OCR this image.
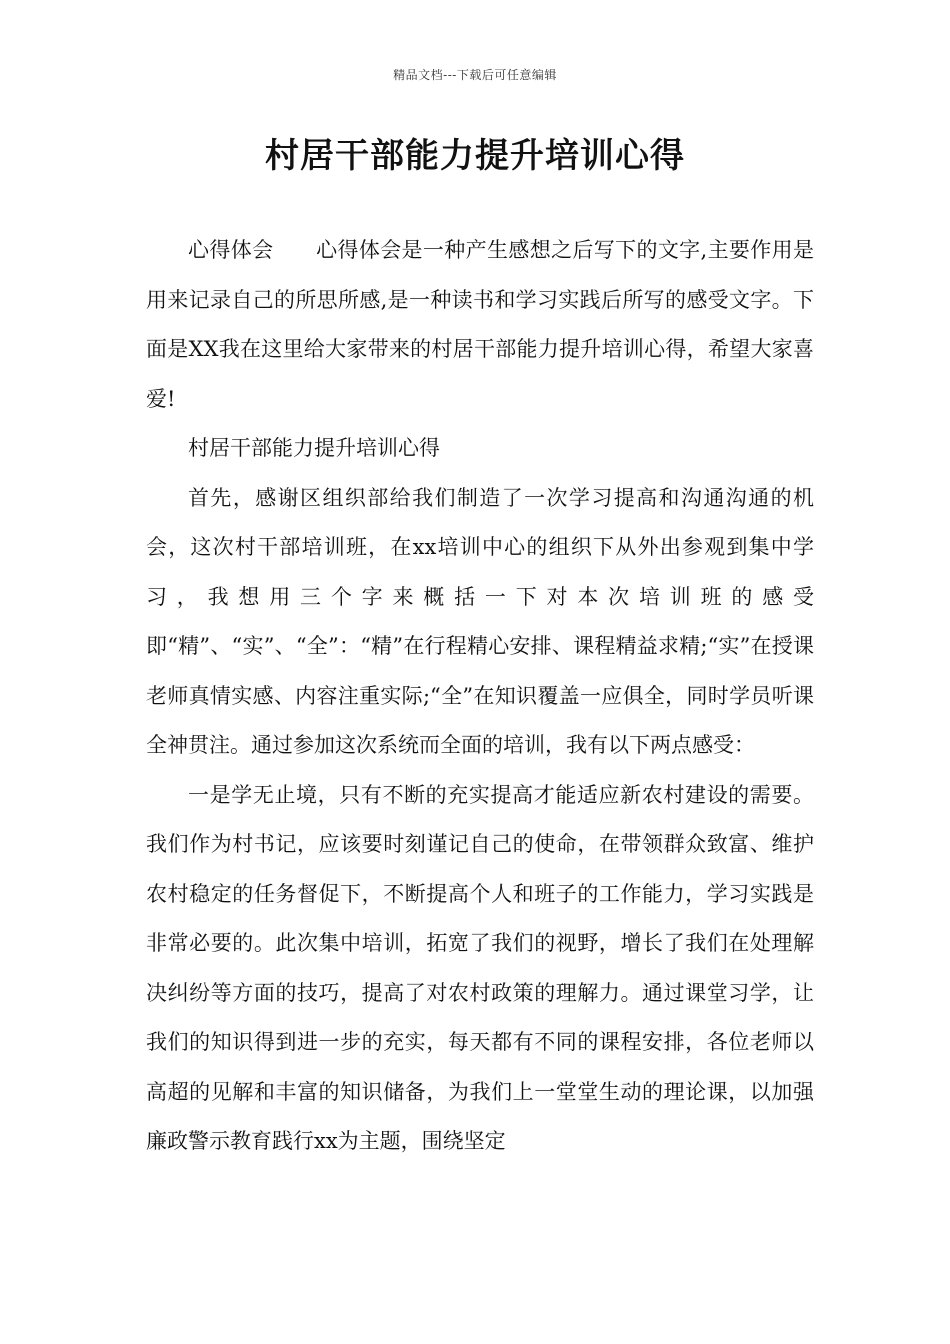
精品文档---下载后可任意编辑
村居干部能力提升培训心得

心得体会　　心得体会是一种产生感想之后写下的文字,主要作用是用来记录自己的所思所感,是一种读书和学习实践后所写的感受文字。下面是XX我在这里给大家带来的村居干部能力提升培训心得，希望大家喜爱!

村居干部能力提升培训心得

首先，感谢区组织部给我们制造了一次学习提高和沟通沟通的机会，这次村干部培训班，在xx培训中心的组织下从外出参观到集中学习，我想用三个字来概括一下对本次培训班的感受即“精”、“实”、“全”：“精”在行程精心安排、课程精益求精;“实”在授课老师真情实感、内容注重实际;“全”在知识覆盖一应俱全，同时学员听课全神贯注。通过参加这次系统而全面的培训，我有以下两点感受：

一是学无止境，只有不断的充实提高才能适应新农村建设的需要。我们作为村书记，应该要时刻谨记自己的使命，在带领群众致富、维护农村稳定的任务督促下，不断提高个人和班子的工作能力，学习实践是非常必要的。此次集中培训，拓宽了我们的视野，增长了我们在处理解决纠纷等方面的技巧，提高了对农村政策的理解力。通过课堂习学，让我们的知识得到进一步的充实，每天都有不同的课程安排，各位老师以高超的见解和丰富的知识储备，为我们上一堂堂生动的理论课，以加强廉政警示教育践行xx为主题，围绕坚定
